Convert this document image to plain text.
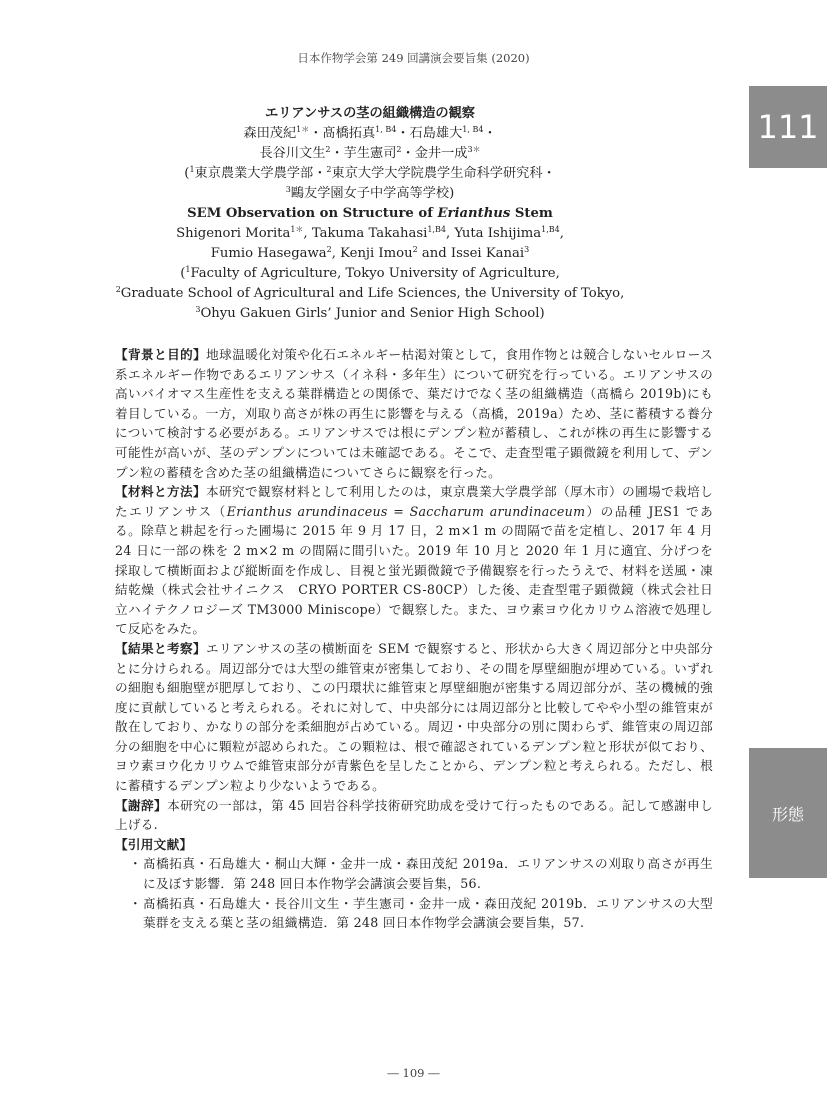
日本作物学会第 249 回講演会要旨集 (2020)
111
形態
エリアンサスの茎の組織構造の観察
森田茂紀$^{1*}$・髙橋拓真$^{1, B4}$・石島雄大$^{1, B4}$・
長谷川文生$^2$・芋生憲司$^2$・金井一成$^{3*}$
($^1$東京農業大学農学部・$^2$東京大学大学院農学生命科学研究科・
$^3$鷗友学園女子中学高等学校)
SEM Observation on Structure of Erianthus Stem
Shigenori Morita$^{1*}$, Takuma Takahasi$^{1,B4}$, Yuta Ishijima$^{1,B4}$,
Fumio Hasegawa$^2$, Kenji Imou$^2$ and Issei Kanai$^3$
($^1$Faculty of Agriculture, Tokyo University of Agriculture,
$^2$Graduate School of Agricultural and Life Sciences, the University of Tokyo,
$^3$Ohyu Gakuen Girls’ Junior and Senior High School)

【背景と目的】地球温暖化対策や化石エネルギー枯渇対策として，食用作物とは競合しないセルロース系エネルギー作物であるエリアンサス（イネ科・多年生）について研究を行っている。エリアンサスの高いバイオマス生産性を支える葉群構造との関係で、葉だけでなく茎の組織構造（髙橋ら 2019b)にも着目している。一方，刈取り高さが株の再生に影響を与える（髙橋，2019a）ため、茎に蓄積する養分について検討する必要がある。エリアンサスでは根にデンプン粒が蓄積し、これが株の再生に影響する可能性が高いが、茎のデンプンについては未確認である。そこで、走査型電子顕微鏡を利用して、デンプン粒の蓄積を含めた茎の組織構造についてさらに観察を行った。

【材料と方法】本研究で観察材料として利用したのは，東京農業大学農学部（厚木市）の圃場で栽培したエリアンサス（Erianthus arundinaceus = Saccharum arundinaceum）の品種 JES1 である。除草と耕起を行った圃場に 2015 年 9 月 17 日，2 m×1 m の間隔で苗を定植し、2017 年 4 月 24 日に一部の株を 2 m×2 m の間隔に間引いた。2019 年 10 月と 2020 年 1 月に適宜、分げつを採取して横断面および縦断面を作成し、目視と蛍光顕微鏡で予備観察を行ったうえで、材料を送風・凍結乾燥（株式会社サイニクス　CRYO PORTER CS-80CP）した後、走査型電子顕微鏡（株式会社日立ハイテクノロジーズ TM3000 Miniscope）で観察した。また、ヨウ素ヨウ化カリウム溶液で処理して反応をみた。

【結果と考察】エリアンサスの茎の横断面を SEM で観察すると、形状から大きく周辺部分と中央部分とに分けられる。周辺部分では大型の維管束が密集しており、その間を厚壁細胞が埋めている。いずれの細胞も細胞壁が肥厚しており、この円環状に維管束と厚壁細胞が密集する周辺部分が、茎の機械的強度に貢献していると考えられる。それに対して、中央部分には周辺部分と比較してやや小型の維管束が散在しており、かなりの部分を柔細胞が占めている。周辺・中央部分の別に関わらず、維管束の周辺部分の細胞を中心に顆粒が認められた。この顆粒は、根で確認されているデンプン粒と形状が似ており、ヨウ素ヨウ化カリウムで維管束部分が青紫色を呈したことから、デンプン粒と考えられる。ただし、根に蓄積するデンプン粒より少ないようである。

【謝辞】本研究の一部は，第 45 回岩谷科学技術研究助成を受けて行ったものである。記して感謝申し上げる.

【引用文献】

・ 髙橋拓真・石島雄大・桐山大輝・金井一成・森田茂紀 2019a．エリアンサスの刈取り高さが再生に及ぼす影響．第 248 回日本作物学会講演会要旨集，56.
・ 髙橋拓真・石島雄大・長谷川文生・芋生憲司・金井一成・森田茂紀 2019b．エリアンサスの大型葉群を支える葉と茎の組織構造．第 248 回日本作物学会講演会要旨集，57.
― 109 ―
